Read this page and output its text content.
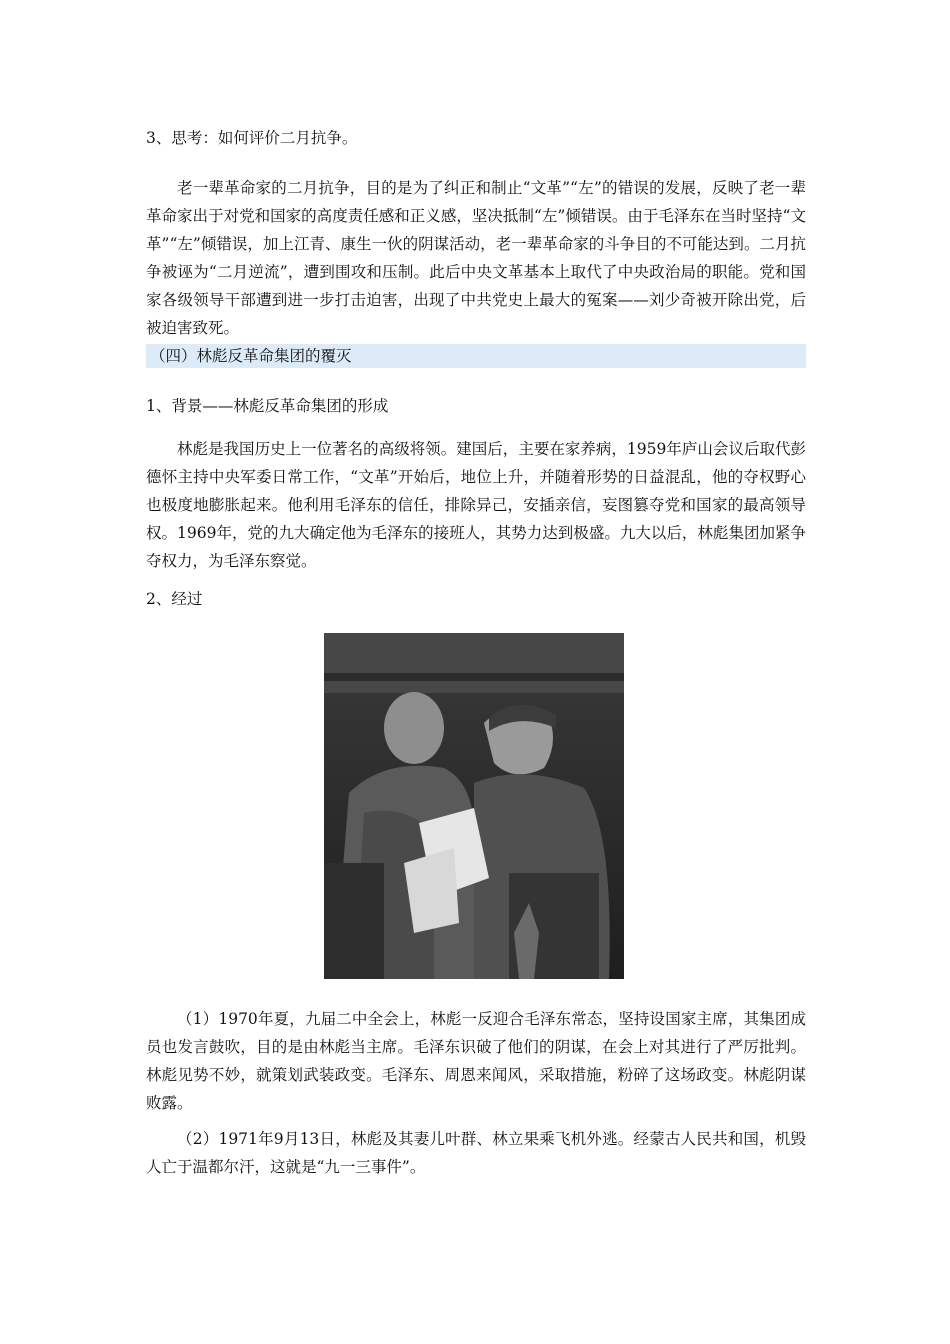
3、思考：如何评价二月抗争。

老一辈革命家的二月抗争，目的是为了纠正和制止“文革”“左”的错误的发展，反映了老一辈革命家出于对党和国家的高度责任感和正义感，坚决抵制“左”倾错误。由于毛泽东在当时坚持“文革”“左”倾错误，加上江青、康生一伙的阴谋活动，老一辈革命家的斗争目的不可能达到。二月抗争被诬为“二月逆流”，遭到围攻和压制。此后中央文革基本上取代了中央政治局的职能。党和国家各级领导干部遭到进一步打击迫害，出现了中共党史上最大的冤案——刘少奇被开除出党，后被迫害致死。

（四）林彪反革命集团的覆灭

1、背景——林彪反革命集团的形成

林彪是我国历史上一位著名的高级将领。建国后，主要在家养病，1959年庐山会议后取代彭德怀主持中央军委日常工作，“文革”开始后，地位上升，并随着形势的日益混乱，他的夺权野心也极度地膨胀起来。他利用毛泽东的信任，排除异己，安插亲信，妄图篡夺党和国家的最高领导权。1969年，党的九大确定他为毛泽东的接班人，其势力达到极盛。九大以后，林彪集团加紧争夺权力，为毛泽东察觉。

2、经过

（1）1970年夏，九届二中全会上，林彪一反迎合毛泽东常态，坚持设国家主席，其集团成员也发言鼓吹，目的是由林彪当主席。毛泽东识破了他们的阴谋，在会上对其进行了严厉批判。林彪见势不妙，就策划武装政变。毛泽东、周恩来闻风，采取措施，粉碎了这场政变。林彪阴谋败露。

（2）1971年9月13日，林彪及其妻儿叶群、林立果乘飞机外逃。经蒙古人民共和国，机毁人亡于温都尔汗，这就是“九一三事件”。
